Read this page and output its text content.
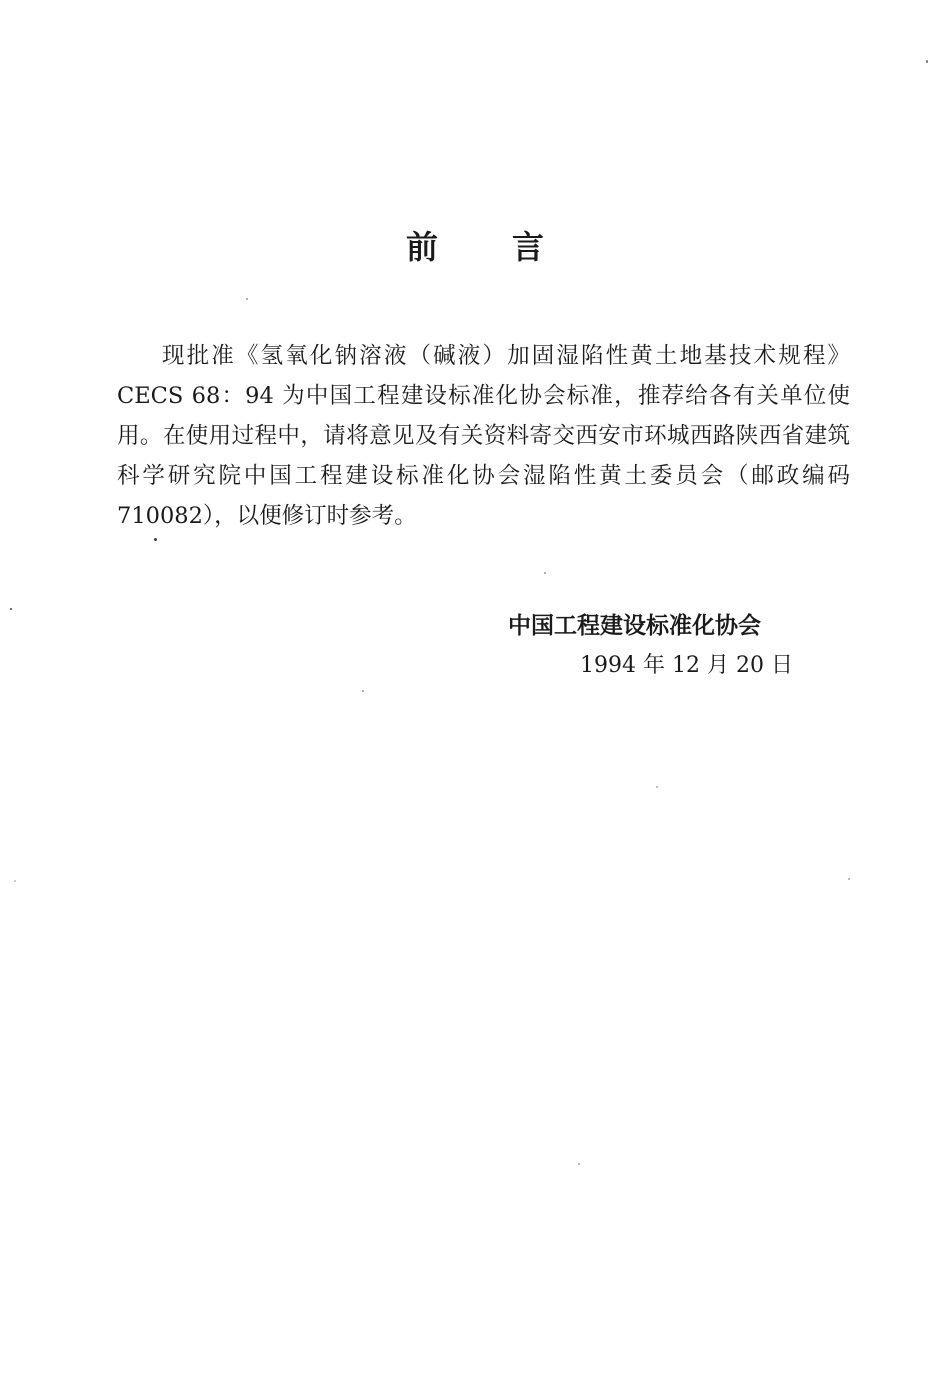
前 言

现批准《氢氧化钠溶液（碱液）加固湿陷性黄土地基技术规程》CECS 68：94 为中国工程建设标准化协会标准，推荐给各有关单位使用。在使用过程中，请将意见及有关资料寄交西安市环城西路陕西省建筑科学研究院中国工程建设标准化协会湿陷性黄土委员会（邮政编码 710082），以便修订时参考。

中国工程建设标准化协会
1994 年 12 月 20 日
